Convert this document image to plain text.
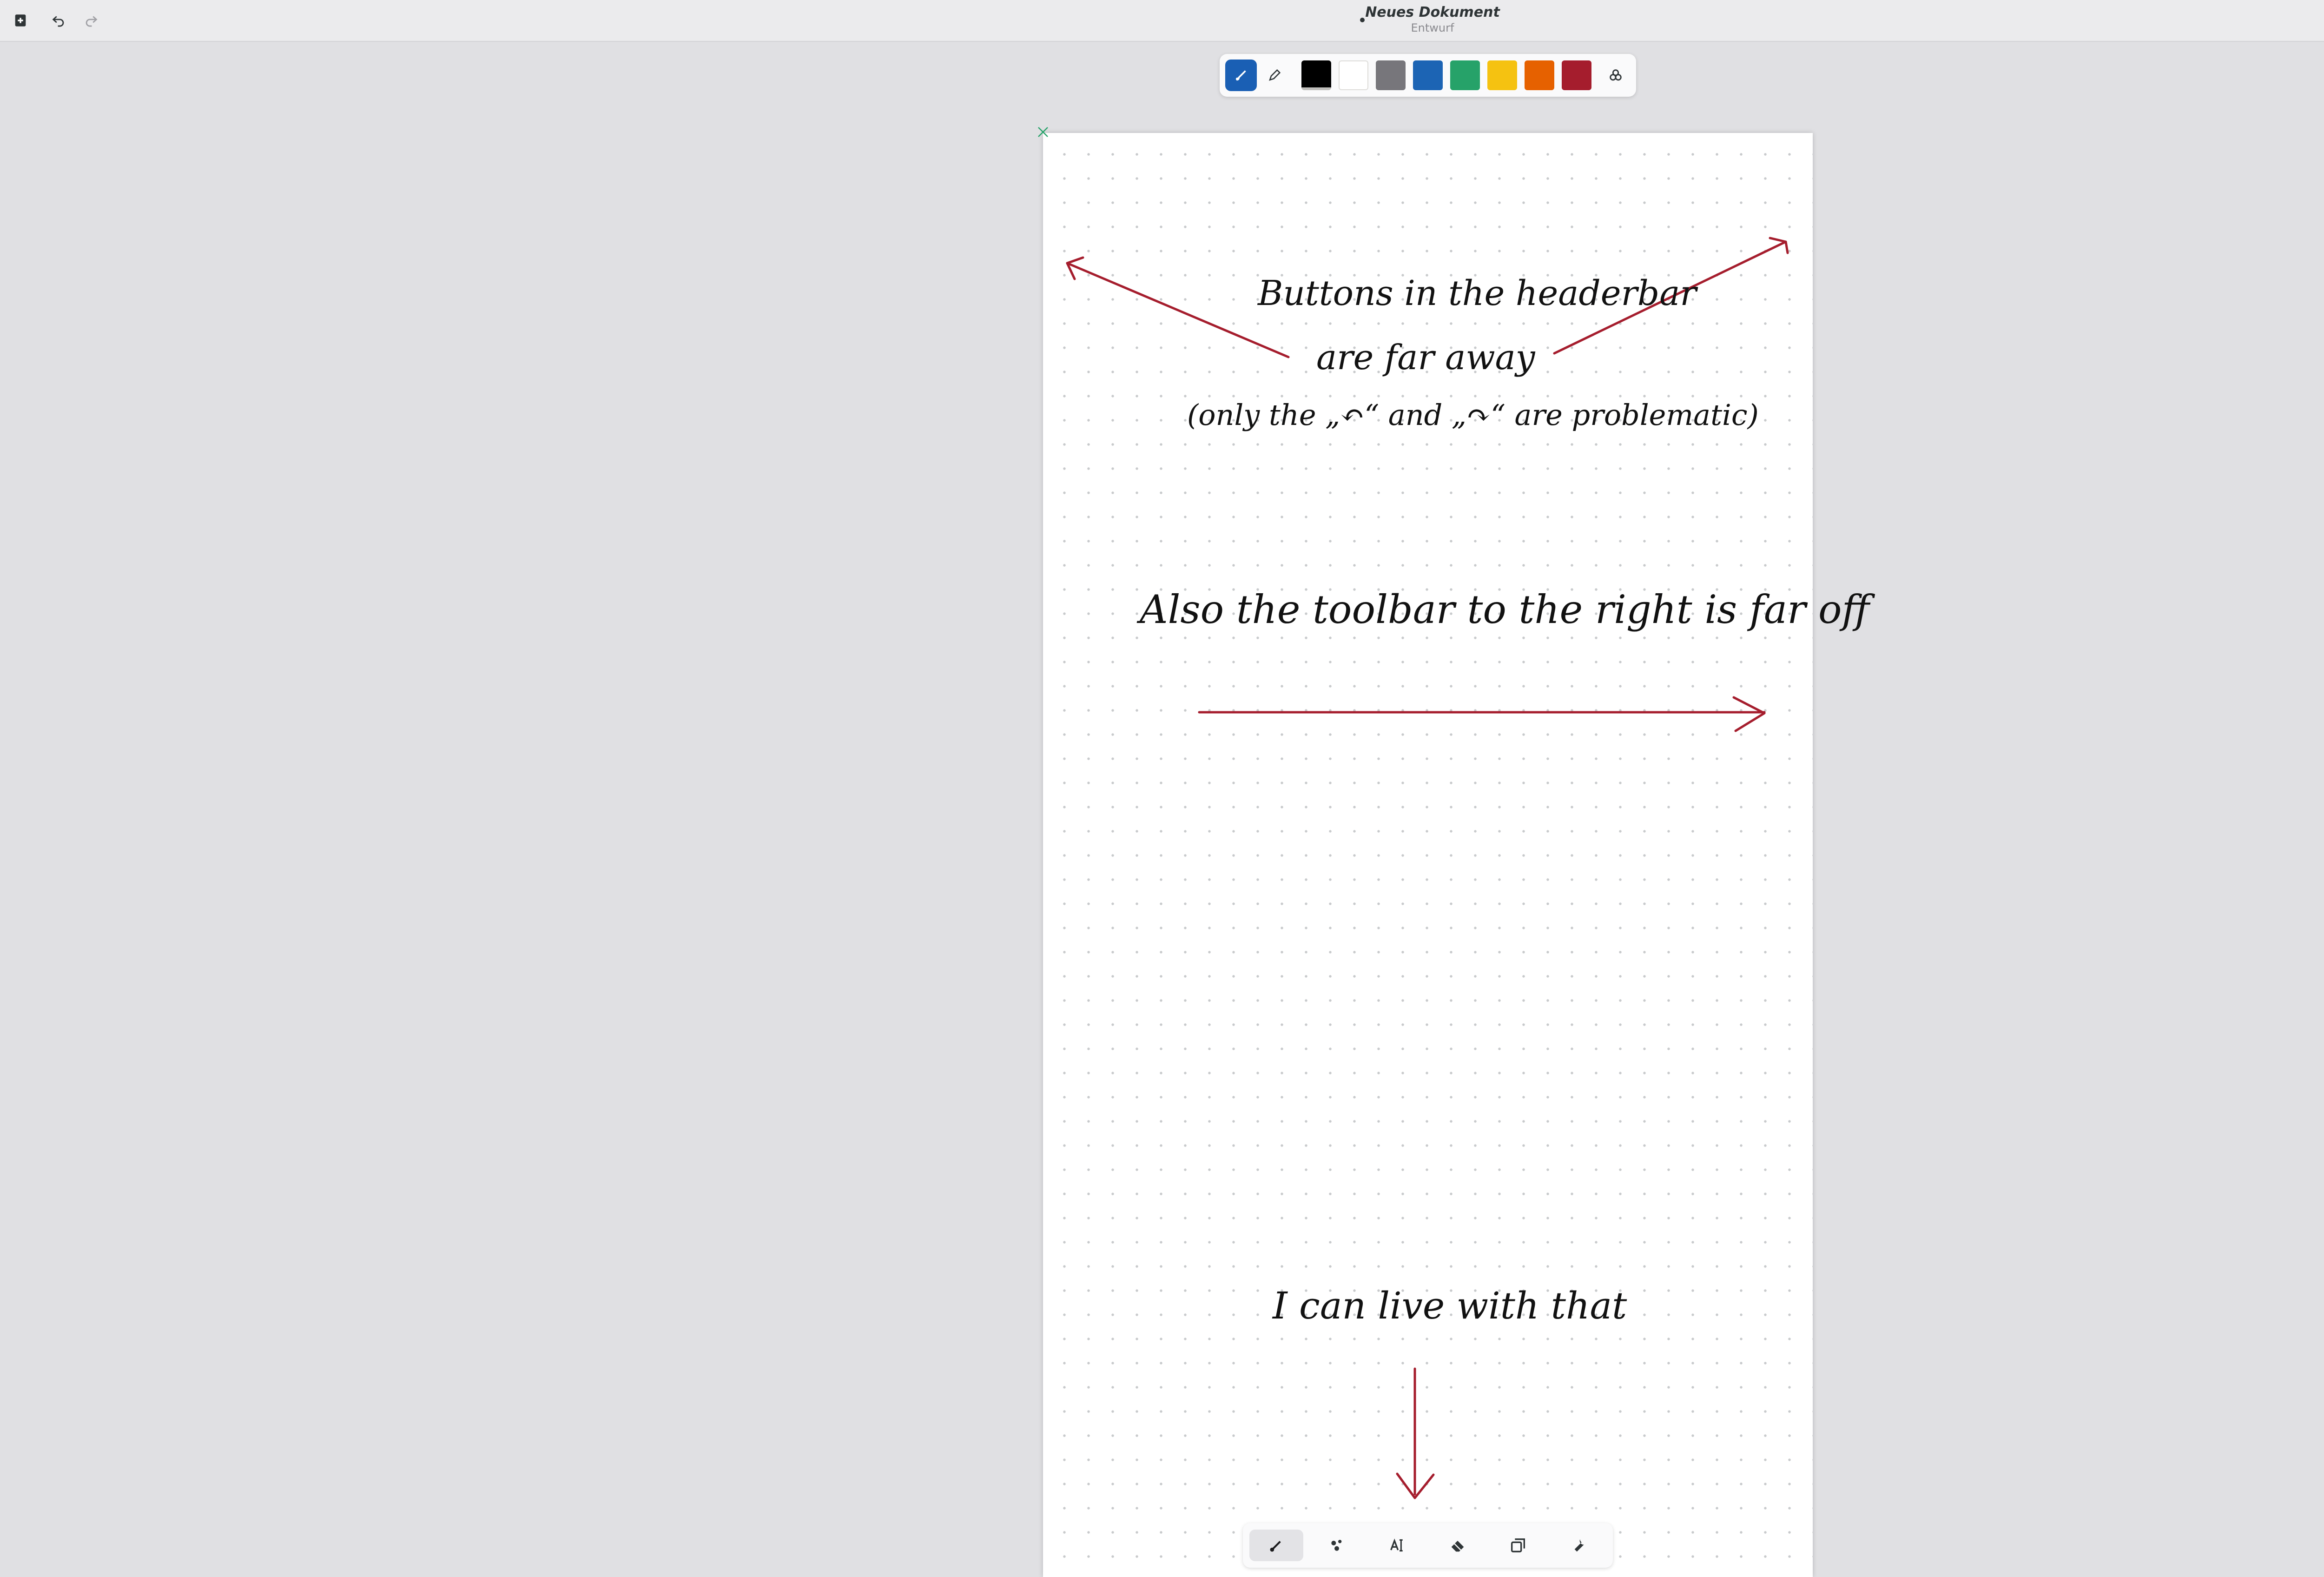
Neues Dokument
Entwurf
Buttons in the headerbar
are far away
(only the „↶“ and „↷“ are problematic)
Also the toolbar to the right is far off
I can live with that
